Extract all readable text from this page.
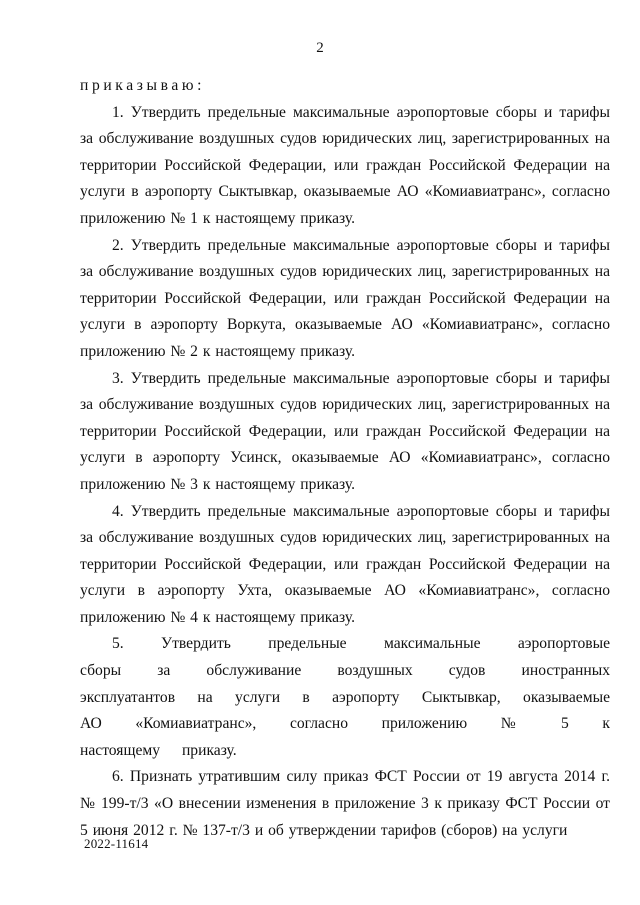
2
приказываю:

1. Утвердить предельные максимальные аэропортовые сборы и тарифы за обслуживание воздушных судов юридических лиц, зарегистрированных на территории Российской Федерации, или граждан Российской Федерации на услуги в аэропорту Сыктывкар, оказываемые АО «Комиавиатранс», согласно приложению № 1 к настоящему приказу.

2. Утвердить предельные максимальные аэропортовые сборы и тарифы за обслуживание воздушных судов юридических лиц, зарегистрированных на территории Российской Федерации, или граждан Российской Федерации на услуги в аэропорту Воркута, оказываемые АО «Комиавиатранс», согласно приложению № 2 к настоящему приказу.

3. Утвердить предельные максимальные аэропортовые сборы и тарифы за обслуживание воздушных судов юридических лиц, зарегистрированных на территории Российской Федерации, или граждан Российской Федерации на услуги в аэропорту Усинск, оказываемые АО «Комиавиатранс», согласно приложению № 3 к настоящему приказу.

4. Утвердить предельные максимальные аэропортовые сборы и тарифы за обслуживание воздушных судов юридических лиц, зарегистрированных на территории Российской Федерации, или граждан Российской Федерации на услуги в аэропорту Ухта, оказываемые АО «Комиавиатранс», согласно приложению № 4 к настоящему приказу.

5. Утвердить предельные максимальные аэропортовые сборы за обслуживание воздушных судов иностранных эксплуатантов на услуги в аэропорту Сыктывкар, оказываемые АО «Комиавиатранс», согласно приложению № 5 к настоящему приказу.

6. Признать утратившим силу приказ ФСТ России от 19 августа 2014 г. № 199-т/3 «О внесении изменения в приложение 3 к приказу ФСТ России от 5 июня 2012 г. № 137-т/3 и об утверждении тарифов (сборов) на услуги

2022-11614
